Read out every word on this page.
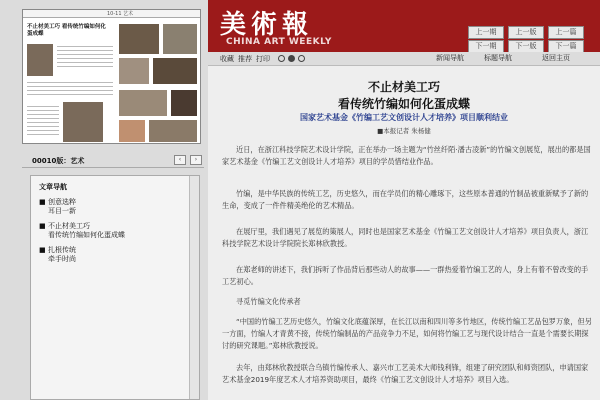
10-11 艺术
不止材美工巧 看传统竹编如何化蛋成蝶
00010版：艺术	‹	›
文章导航
■ 创意选粹
耳目一新
■ 不止材美工巧
看传统竹编如何化蛋成蝶
■ 扎根传统
牵手时尚
美術報
CHINA ART WEEKLY
上一期	上一版	上一篇
下一期	下一版	下一篇
收藏 推荐 打印	新闻导航	标题导航	返回主页
不止材美工巧
看传统竹编如何化蛋成蝶
国家艺术基金《竹编工艺文创设计人才培养》项目顺利结业
■本报记者 朱杨健
近日，在浙江科技学院艺术设计学院，正在举办一场主题为“竹丝纤陌·潘古凌新”的竹编文创展览，展出的都是国家艺术基金《竹编工艺文创设计人才培养》项目的学员惜结业作品。
竹编，是中华民族的传统工艺，历史悠久，而在学员们的精心雕琢下，这些原本普通的竹制品被重新赋予了新的生命，变成了一件件精美绝伦的艺术精品。
在展厅里，我们遇见了展览的策展人，同时也是国家艺术基金《竹编工艺文创设计人才培养》项目负责人，浙江科技学院艺术设计学院院长郑林欣教授。
在郑老师的讲述下，我们拆听了作品背后那些动人的故事——一群热爱着竹编工艺的人，身上有着不曾改变的手工艺初心。
寻觅竹编文化传承者
“中国的竹编工艺历史悠久，竹编文化底蕴深厚，在长江以南和四川等多竹地区，传统竹编工艺品包罗万象，但另一方面，竹编人才青黄不接，传统竹编制品的产品竞争力不足，如何将竹编工艺与现代设计结合一直是个需要长期探讨的研究课题。”郑林欣教授说。
去年，由郑林欣教授联合乌镇竹编传承人、嘉兴市工艺美术大师钱利锋，组建了研究团队和师资团队，申请国家艺术基金2019年度艺术人才培养资助项目，最终《竹编工艺文创设计人才培养》项目入选。
